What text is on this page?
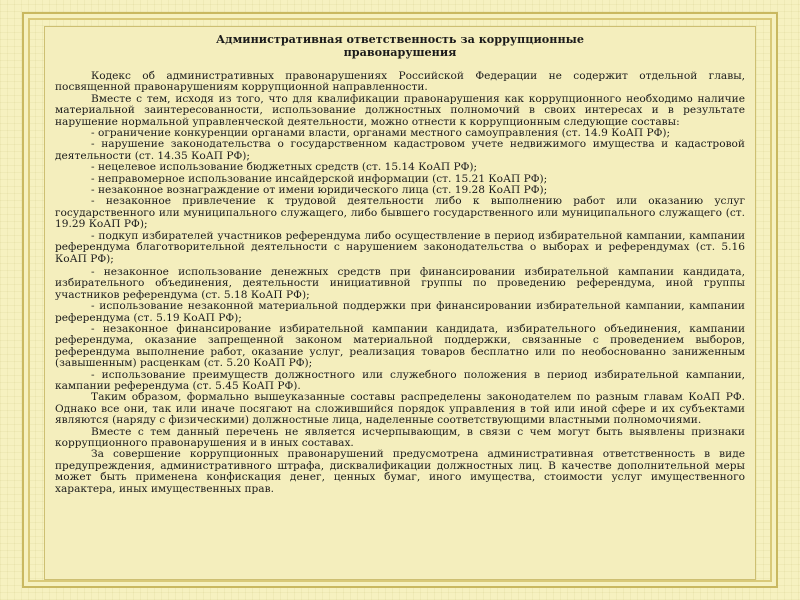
Административная ответственность за коррупционные
правонарушения

Кодекс об административных правонарушениях Российской Федерации не содержит отдельной главы, посвященной правонарушениям коррупционной направленности.

Вместе с тем, исходя из того, что для квалификации правонарушения как коррупционного необходимо наличие материальной заинтересованности, использование должностных полномочий в своих интересах и в результате нарушение нормальной управленческой деятельности, можно отнести к коррупционным следующие составы:

- ограничение конкуренции органами власти, органами местного самоуправления (ст. 14.9 КоАП РФ);

- нарушение законодательства о государственном кадастровом учете недвижимого имущества и кадастровой деятельности (ст. 14.35 КоАП РФ);

- нецелевое использование бюджетных средств (ст. 15.14 КоАП РФ);

- неправомерное использование инсайдерской информации (ст. 15.21 КоАП РФ);

- незаконное вознаграждение от имени юридического лица (ст. 19.28 КоАП РФ);

- незаконное привлечение к трудовой деятельности либо к выполнению работ или оказанию услуг государственного или муниципального служащего, либо бывшего государственного или муниципального служащего (ст. 19.29 КоАП РФ);

- подкуп избирателей участников референдума либо осуществление в период избирательной кампании, кампании референдума благотворительной деятельности с нарушением законодательства о выборах и референдумах (ст. 5.16 КоАП РФ);

- незаконное использование денежных средств при финансировании избирательной кампании кандидата, избирательного объединения, деятельности инициативной группы по проведению референдума, иной группы участников референдума (ст. 5.18 КоАП РФ);

- использование незаконной материальной поддержки при финансировании избирательной кампании, кампании референдума (ст. 5.19 КоАП РФ);

- незаконное финансирование избирательной кампании кандидата, избирательного объединения, кампании референдума, оказание запрещенной законом материальной поддержки, связанные с проведением выборов, референдума выполнение работ, оказание услуг, реализация товаров бесплатно или по необоснованно заниженным (завышенным) расценкам (ст. 5.20 КоАП РФ);

- использование преимуществ должностного или служебного положения в период избирательной кампании, кампании референдума (ст. 5.45 КоАП РФ).

Таким образом, формально вышеуказанные составы распределены законодателем по разным главам КоАП РФ. Однако все они, так или иначе посягают на сложившийся порядок управления в той или иной сфере и их субъектами являются (наряду с физическими) должностные лица, наделенные соответствующими властными полномочиями.

Вместе с тем данный перечень не является исчерпывающим, в связи с чем могут быть выявлены признаки коррупционного правонарушения и в иных составах.

За совершение коррупционных правонарушений предусмотрена административная ответственность в виде предупреждения, административного штрафа, дисквалификации должностных лиц. В качестве дополнительной меры может быть применена конфискация денег, ценных бумаг, иного имущества, стоимости услуг имущественного характера, иных имущественных прав.
